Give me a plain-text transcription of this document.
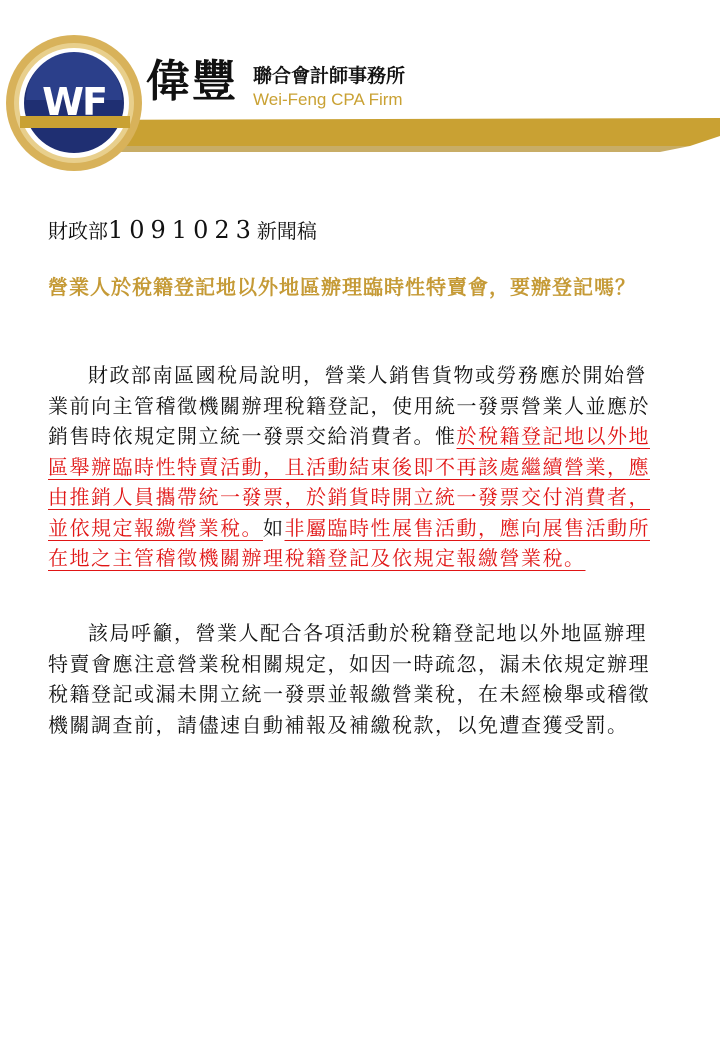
WF 偉豐 聯合會計師事務所
Wei-Feng CPA Firm
財政部1091023新聞稿
營業人於稅籍登記地以外地區辦理臨時性特賣會，要辦登記嗎？
財政部南區國稅局說明，營業人銷售貨物或勞務應於開始營業前向主管稽徵機關辦理稅籍登記，使用統一發票營業人並應於銷售時依規定開立統一發票交給消費者。惟於稅籍登記地以外地區舉辦臨時性特賣活動，且活動結束後即不再該處繼續營業，應由推銷人員攜帶統一發票，於銷貨時開立統一發票交付消費者，並依規定報繳營業稅。如非屬臨時性展售活動，應向展售活動所在地之主管稽徵機關辦理稅籍登記及依規定報繳營業稅。
該局呼籲，營業人配合各項活動於稅籍登記地以外地區辦理特賣會應注意營業稅相關規定，如因一時疏忽，漏未依規定辦理稅籍登記或漏未開立統一發票並報繳營業稅，在未經檢舉或稽徵機關調查前，請儘速自動補報及補繳稅款，以免遭查獲受罰。
